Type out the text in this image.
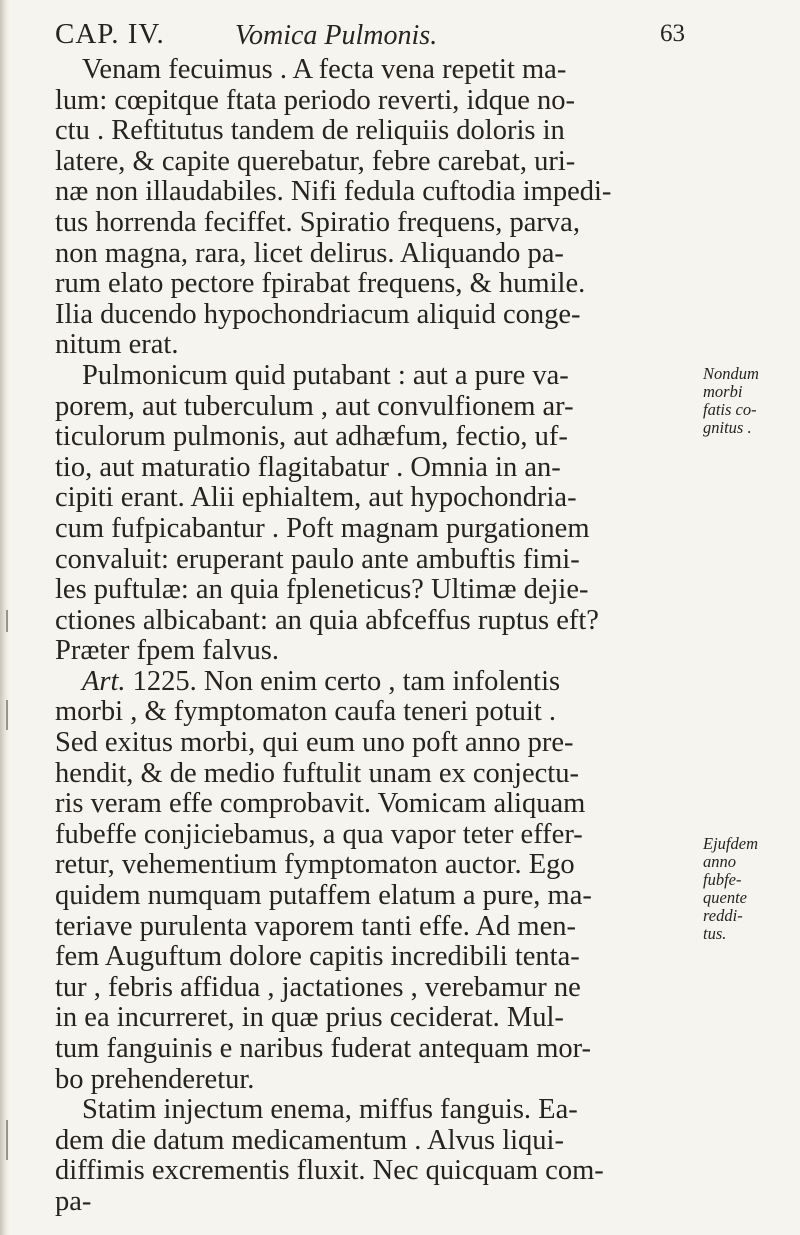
CAP. IV.	Vomica Pulmonis.	63
Venam fecuimus . A fecta vena repetit ma-
lum: cœpitque ftata periodo reverti, idque no-
ctu . Reftitutus tandem de reliquiis doloris in
latere, & capite querebatur, febre carebat, uri-
næ non illaudabiles. Nifi fedula cuftodia impedi-
tus horrenda feciffet. Spiratio frequens, parva,
non magna, rara, licet delirus. Aliquando pa-
rum elato pectore fpirabat frequens, & humile.
Ilia ducendo hypochondriacum aliquid conge-
nitum erat.
Pulmonicum quid putabant : aut a pure va-
porem, aut tuberculum , aut convulfionem ar-
ticulorum pulmonis, aut adhæfum, fectio, uf-
tio, aut maturatio flagitabatur . Omnia in an-
cipiti erant. Alii ephialtem, aut hypochondria-
cum fufpicabantur . Poft magnam purgationem
convaluit: eruperant paulo ante ambuftis fimi-
les puftulæ: an quia fpleneticus? Ultimæ dejie-
ctiones albicabant: an quia abfceffus ruptus eft?
Præter fpem falvus.
Art. 1225. Non enim certo , tam infolentis
morbi , & fymptomaton caufa teneri potuit .
Sed exitus morbi, qui eum uno poft anno pre-
hendit, & de medio fuftulit unam ex conjectu-
ris veram effe comprobavit. Vomicam aliquam
fubeffe conjiciebamus, a qua vapor teter effer-
retur, vehementium fymptomaton auctor. Ego
quidem numquam putaffem elatum a pure, ma-
teriave purulenta vaporem tanti effe. Ad men-
fem Auguftum dolore capitis incredibili tenta-
tur , febris affidua , jactationes , verebamur ne
in ea incurreret, in quæ prius ceciderat. Mul-
tum fanguinis e naribus fuderat antequam mor-
bo prehenderetur.
Statim injectum enema, miffus fanguis. Ea-
dem die datum medicamentum . Alvus liqui-
diffimis excrementis fluxit. Nec quicquam com-
pa-
Nondum
morbi
fatis co-
gnitus .
Ejufdem
anno
fubfe-
quente
reddi-
tus.
